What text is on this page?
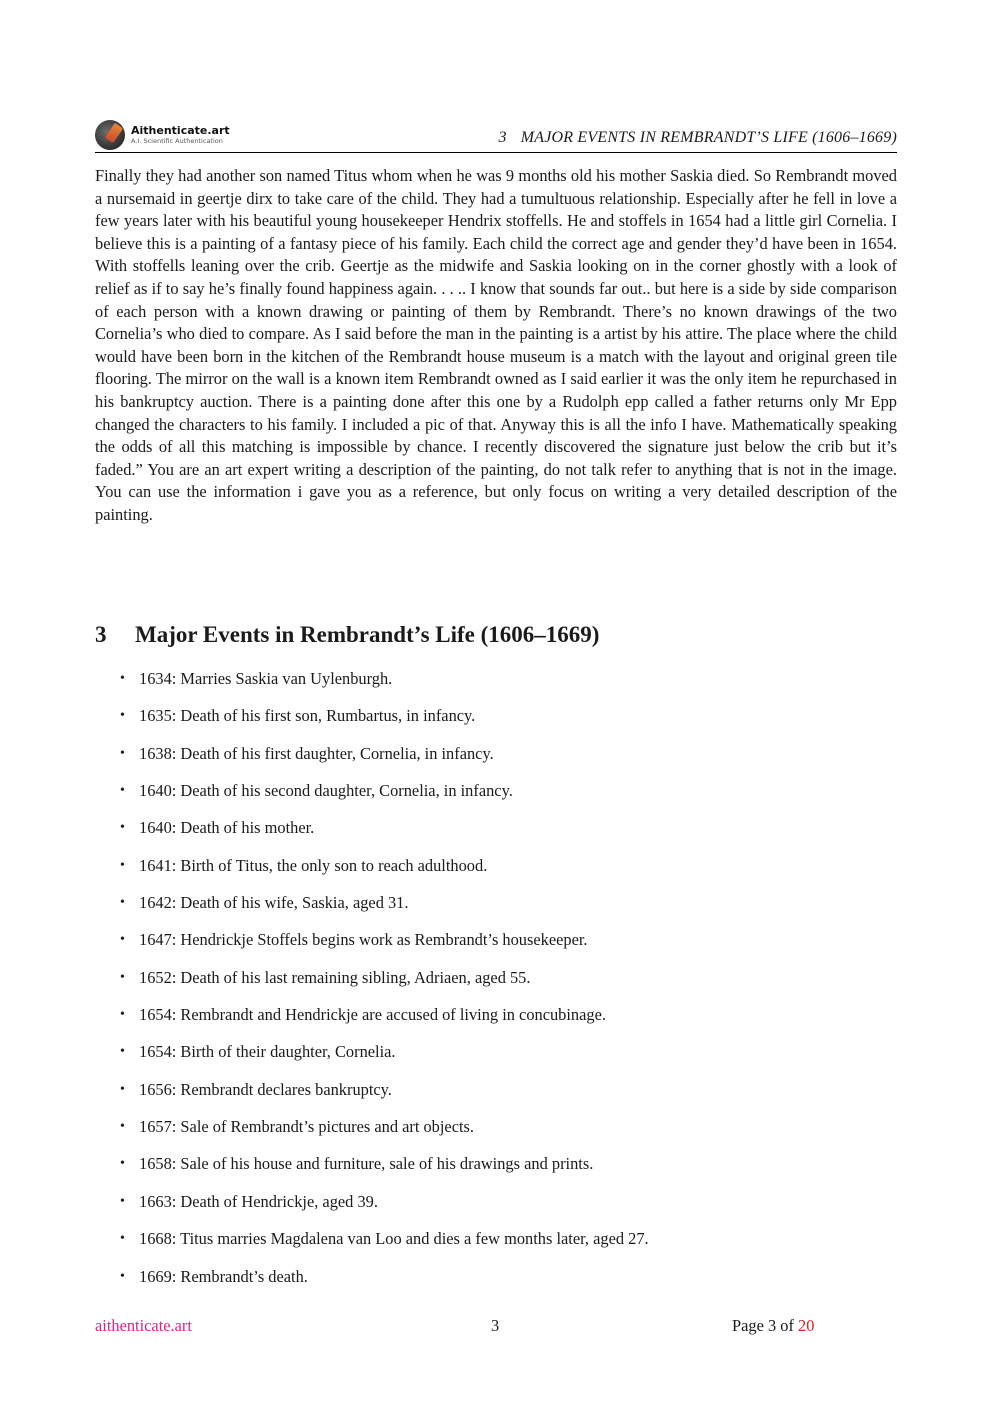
Aithenticate.art
A.I. Scientific Authentication	3 MAJOR EVENTS IN REMBRANDT’S LIFE (1606–1669)

Finally they had another son named Titus whom when he was 9 months old his mother Saskia died. So Rembrandt moved a nursemaid in geertje dirx to take care of the child. They had a tumultuous relationship. Especially after he fell in love a few years later with his beautiful young housekeeper Hendrix stoffells. He and stoffels in 1654 had a little girl Cornelia. I believe this is a painting of a fantasy piece of his family. Each child the correct age and gender they’d have been in 1654. With stoffells leaning over the crib. Geertje as the midwife and Saskia looking on in the corner ghostly with a look of relief as if to say he’s finally found happiness again. . . .. I know that sounds far out.. but here is a side by side comparison of each person with a known drawing or painting of them by Rembrandt. There’s no known drawings of the two Cornelia’s who died to compare. As I said before the man in the painting is a artist by his attire. The place where the child would have been born in the kitchen of the Rembrandt house museum is a match with the layout and original green tile flooring. The mirror on the wall is a known item Rembrandt owned as I said earlier it was the only item he repurchased in his bankruptcy auction. There is a painting done after this one by a Rudolph epp called a father returns only Mr Epp changed the characters to his family. I included a pic of that. Anyway this is all the info I have. Mathematically speaking the odds of all this matching is impossible by chance. I recently discovered the signature just below the crib but it’s faded.” You are an art expert writing a description of the painting, do not talk refer to anything that is not in the image. You can use the information i gave you as a reference, but only focus on writing a very detailed description of the painting.

3 Major Events in Rembrandt’s Life (1606–1669)
• 1634: Marries Saskia van Uylenburgh.
• 1635: Death of his first son, Rumbartus, in infancy.
• 1638: Death of his first daughter, Cornelia, in infancy.
• 1640: Death of his second daughter, Cornelia, in infancy.
• 1640: Death of his mother.
• 1641: Birth of Titus, the only son to reach adulthood.
• 1642: Death of his wife, Saskia, aged 31.
• 1647: Hendrickje Stoffels begins work as Rembrandt’s housekeeper.
• 1652: Death of his last remaining sibling, Adriaen, aged 55.
• 1654: Rembrandt and Hendrickje are accused of living in concubinage.
• 1654: Birth of their daughter, Cornelia.
• 1656: Rembrandt declares bankruptcy.
• 1657: Sale of Rembrandt’s pictures and art objects.
• 1658: Sale of his house and furniture, sale of his drawings and prints.
• 1663: Death of Hendrickje, aged 39.
• 1668: Titus marries Magdalena van Loo and dies a few months later, aged 27.
• 1669: Rembrandt’s death.
aithenticate.art	3	Page 3 of 20
